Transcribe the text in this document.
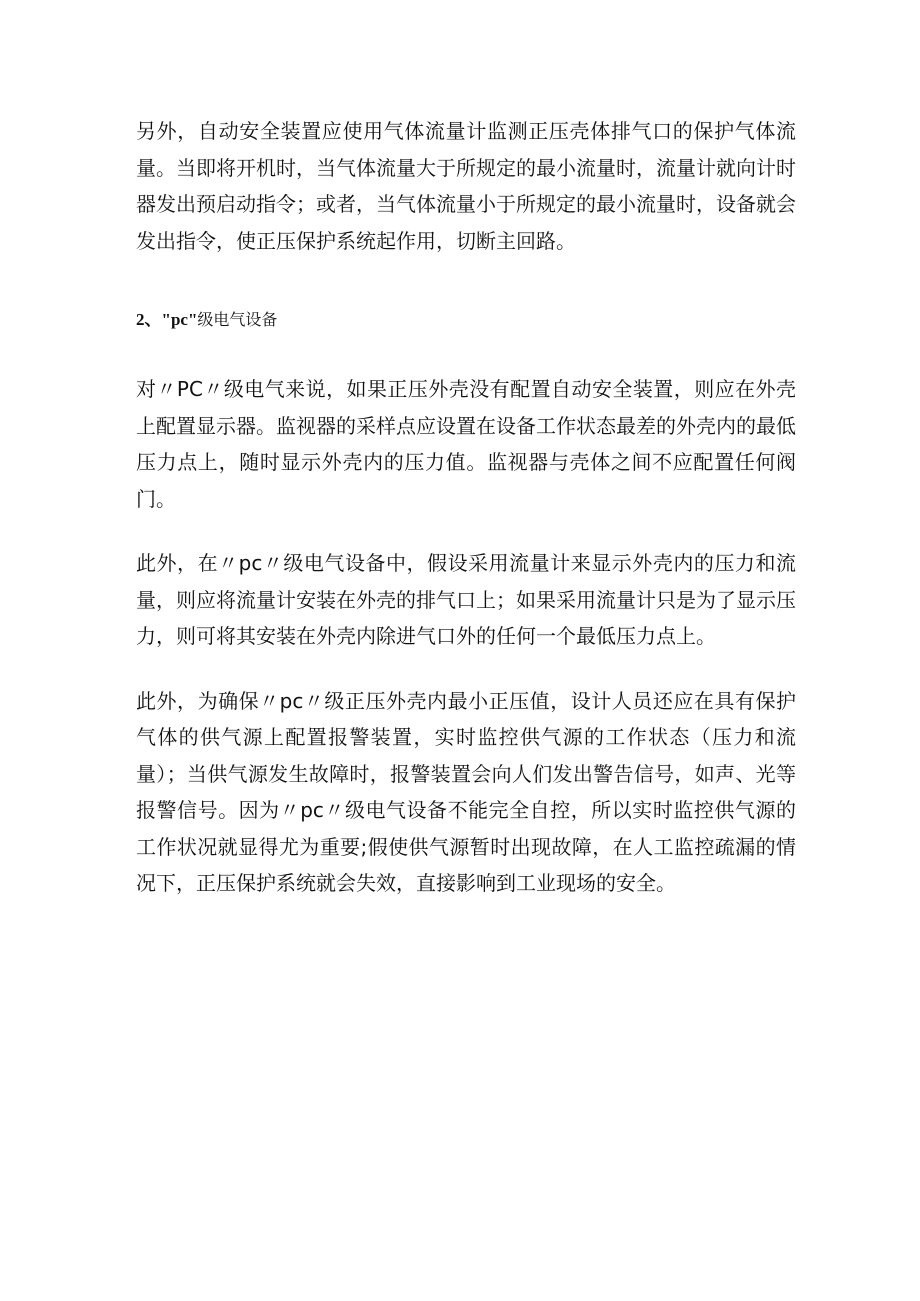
另外，自动安全装置应使用气体流量计监测正压壳体排气口的保护气体流量。当即将开机时，当气体流量大于所规定的最小流量时，流量计就向计时器发出预启动指令；或者，当气体流量小于所规定的最小流量时，设备就会发出指令，使正压保护系统起作用，切断主回路。

2、"pc"级电气设备

对〃PC〃级电气来说，如果正压外壳没有配置自动安全装置，则应在外壳上配置显示器。监视器的采样点应设置在设备工作状态最差的外壳内的最低压力点上，随时显示外壳内的压力值。监视器与壳体之间不应配置任何阀门。

此外，在〃pc〃级电气设备中，假设采用流量计来显示外壳内的压力和流量，则应将流量计安装在外壳的排气口上；如果采用流量计只是为了显示压力，则可将其安装在外壳内除进气口外的任何一个最低压力点上。

此外，为确保〃pc〃级正压外壳内最小正压值，设计人员还应在具有保护气体的供气源上配置报警装置，实时监控供气源的工作状态（压力和流量）；当供气源发生故障时，报警装置会向人们发出警告信号，如声、光等报警信号。因为〃pc〃级电气设备不能完全自控，所以实时监控供气源的工作状况就显得尤为重要;假使供气源暂时出现故障，在人工监控疏漏的情况下，正压保护系统就会失效，直接影响到工业现场的安全。
